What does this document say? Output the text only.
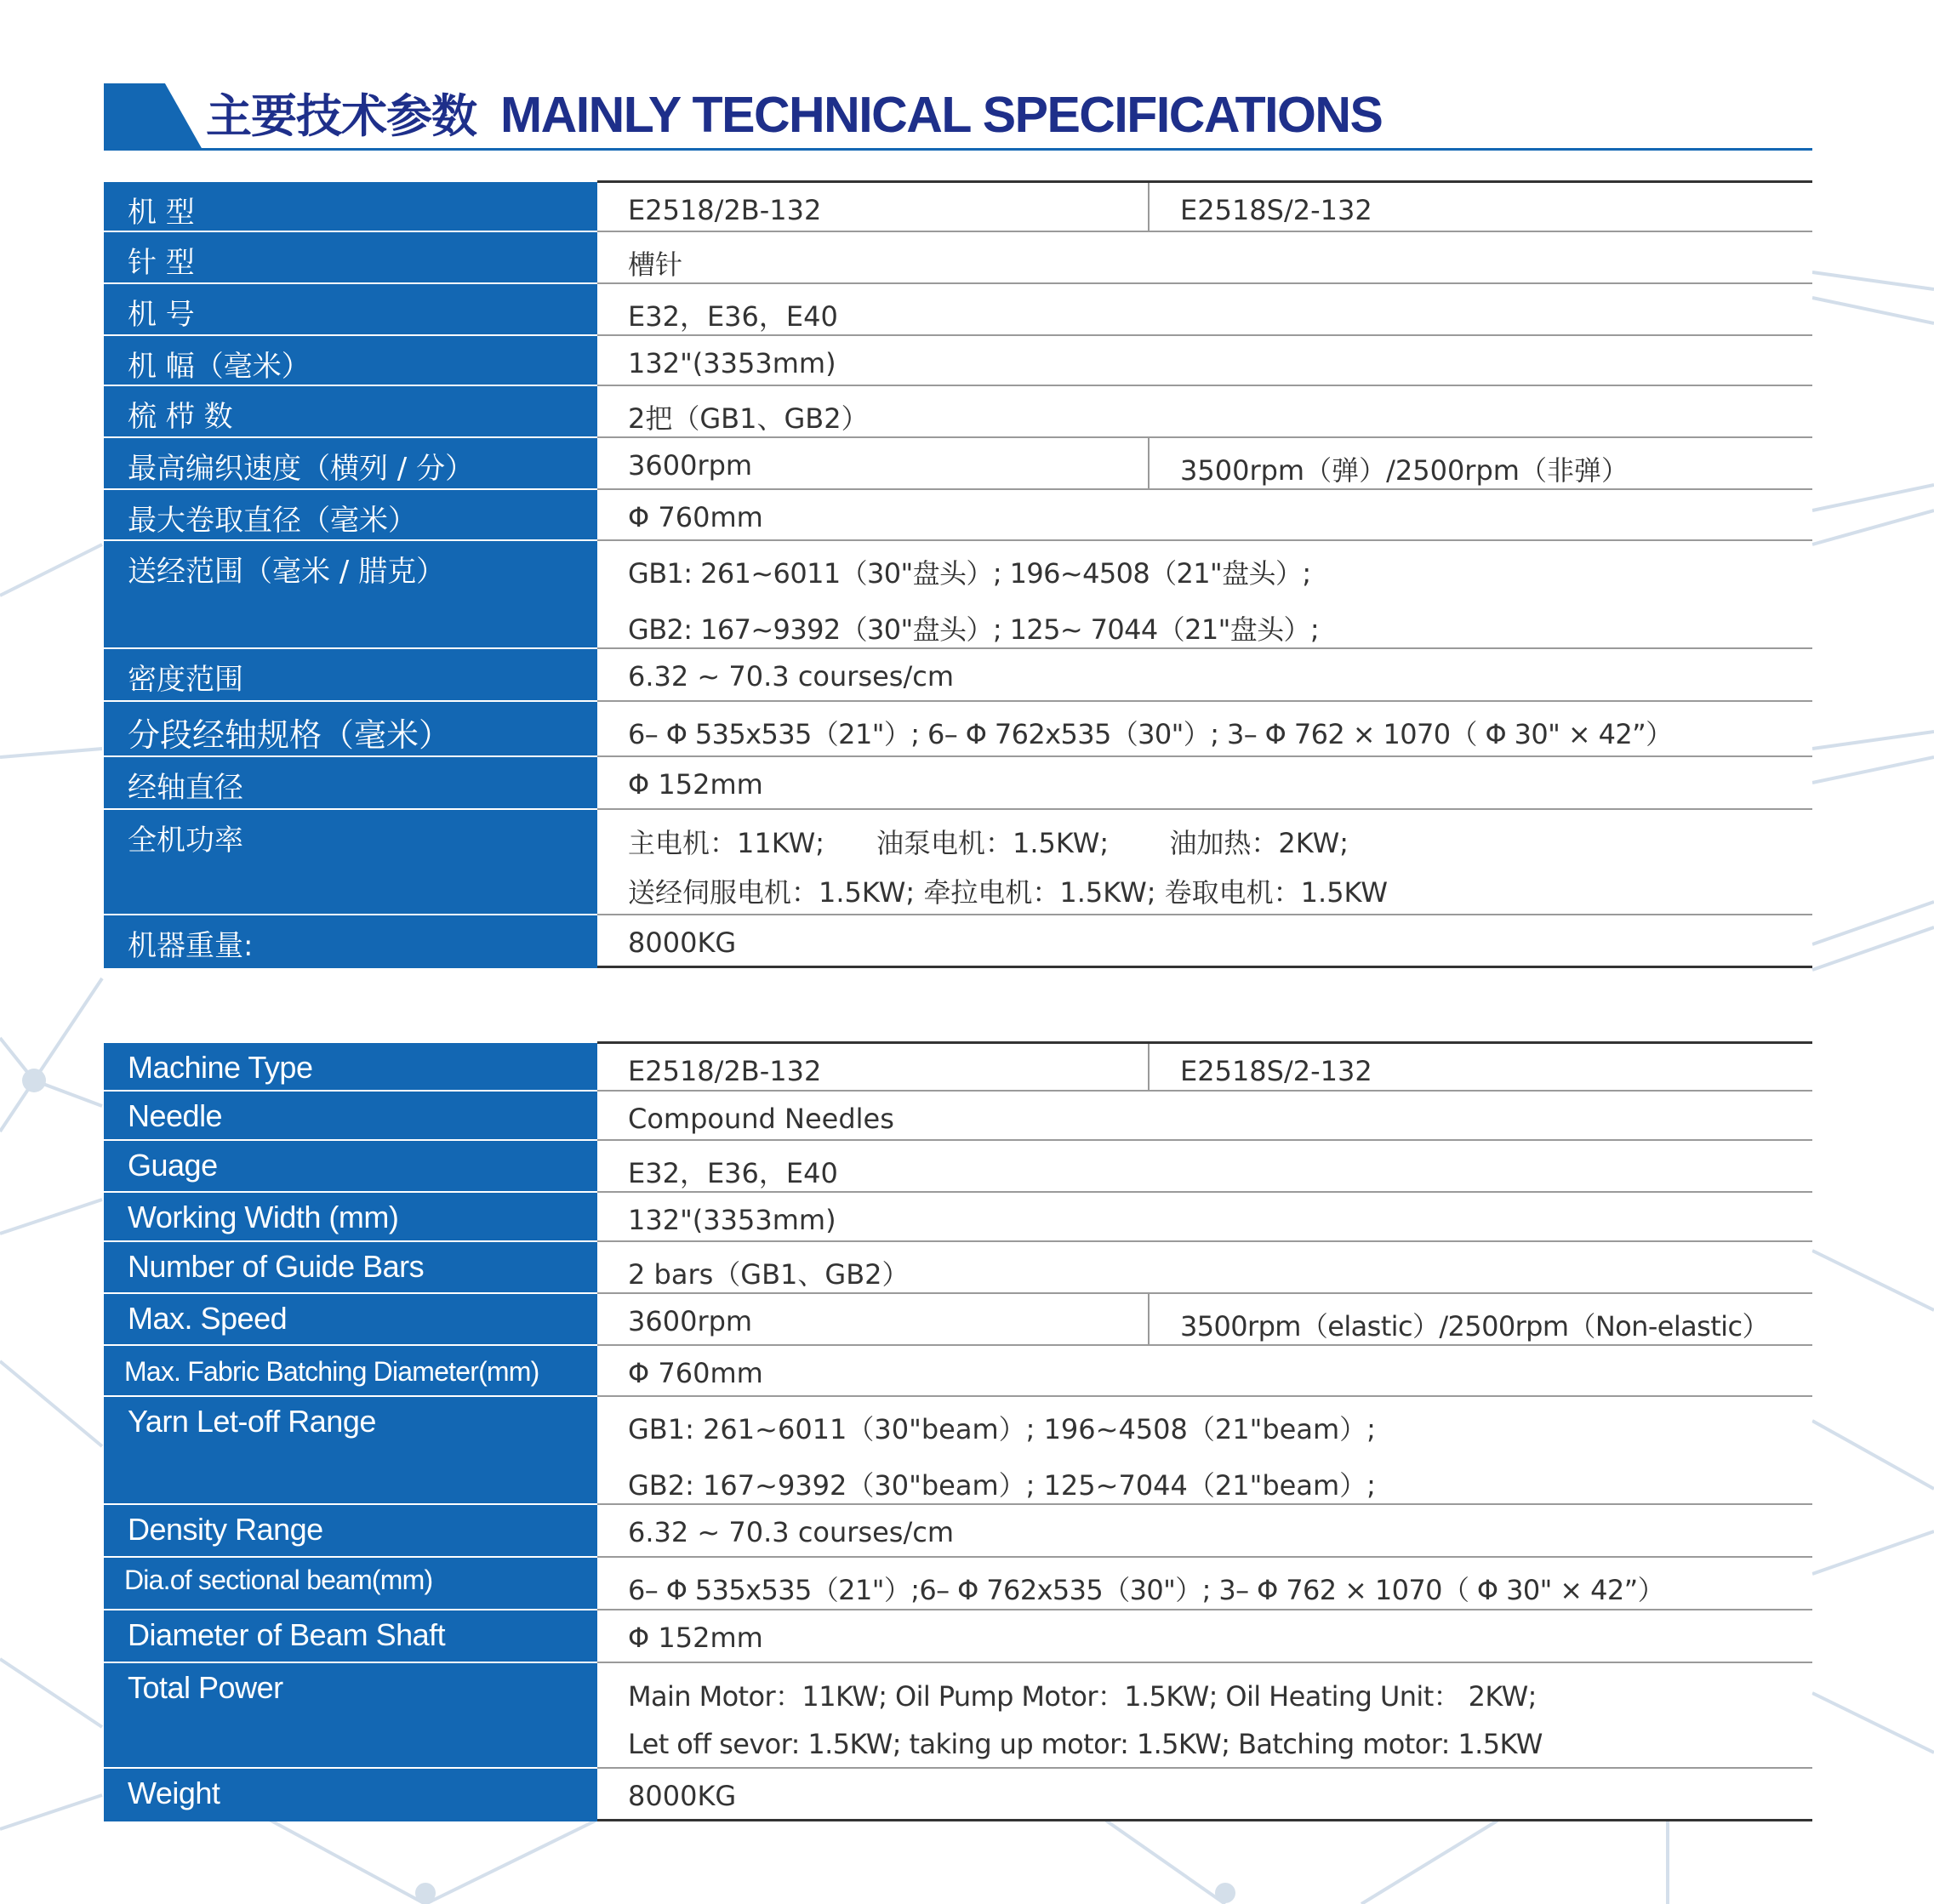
主要技术参数 MAINLY TECHNICAL SPECIFICATIONS
机 型	E2518/2B-132	E2518S/2-132

针 型	槽针	

机 号	E32，E36，E40	

机 幅（毫米）	132"(3353mm)	

梳 栉 数	2把（GB1、GB2）	

最高编织速度（横列 / 分）	3600rpm	3500rpm（弹）/2500rpm（非弹）

最大卷取直径（毫米）	Φ 760mm	

送经范围（毫米 / 腊克）	GB1: 261~6011（30"盘头）; 196~4508（21"盘头）;
GB2: 167~9392（30"盘头）; 125~ 7044（21"盘头）;	

密度范围	6.32 ~ 70.3 courses/cm	

分段经轴规格（毫米）	6– Φ 535x535（21"）; 6– Φ 762x535（30"）; 3– Φ 762 × 1070（ Φ 30" × 42”）	

经轴直径	Φ 152mm	

全机功率	主电机：11KW;      油泵电机：1.5KW;       油加热：2KW;
送经伺服电机：1.5KW; 牵拉电机：1.5KW; 卷取电机：1.5KW	

机器重量:	8000KG	
Machine Type	E2518/2B-132	E2518S/2-132

Needle	Compound Needles	

Guage	E32，E36，E40	

Working Width (mm)	132"(3353mm)	

Number of Guide Bars	2 bars（GB1、GB2）	

Max. Speed	3600rpm	3500rpm（elastic）/2500rpm（Non-elastic）

Max. Fabric Batching Diameter(mm)	Φ 760mm	

Yarn Let-off Range	GB1: 261~6011（30"beam）; 196~4508（21"beam）;
GB2: 167~9392（30"beam）; 125~7044（21"beam）;	

Density Range	6.32 ~ 70.3 courses/cm	

Dia.of sectional beam(mm)	6– Φ 535x535（21"）;6– Φ 762x535（30"）; 3– Φ 762 × 1070（ Φ 30" × 42”）	

Diameter of Beam Shaft	Φ 152mm	

Total Power	Main Motor：11KW; Oil Pump Motor：1.5KW; Oil Heating Unit： 2KW;
Let off sevor: 1.5KW; taking up motor: 1.5KW; Batching motor: 1.5KW	

Weight	8000KG	
